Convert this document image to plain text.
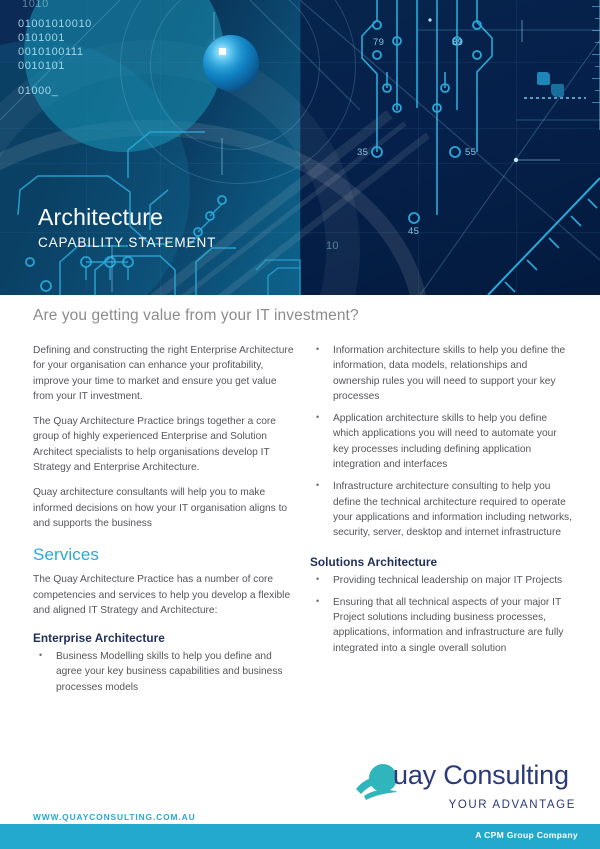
1010
01001010010
0101001
0010100111
0010101
01000_
79	89
35	55
45
10
Architecture
CAPABILITY STATEMENT
Are you getting value from your IT investment?

Defining and constructing the right Enterprise Architecture for your organisation can enhance your profitability, improve your time to market and ensure you get value from your IT investment.

The Quay Architecture Practice brings together a core group of highly experienced Enterprise and Solution Architect specialists to help organisations develop IT Strategy and Enterprise Architecture.

Quay architecture consultants will help you to make informed decisions on how your IT organisation aligns to and supports the business

Services

The Quay Architecture Practice has a number of core competencies and services to help you develop a flexible and aligned IT Strategy and Architecture:

Enterprise Architecture
• Business Modelling skills to help you define and agree your key business capabilities and business processes models
• Information architecture skills to help you define the information, data models, relationships and ownership rules you will need to support your key processes
• Application architecture skills to help you define which applications you will need to automate your key processes including defining application integration and interfaces
• Infrastructure architecture consulting to help you define the technical architecture required to operate your applications and information including networks, security, server, desktop and internet infrastructure
Solutions Architecture
• Providing technical leadership on major IT Projects
• Ensuring that all technical aspects of your major IT Project solutions including business processes, applications, information and infrastructure are fully integrated into a single overall solution
uay Consulting
YOUR ADVANTAGE
WWW.QUAYCONSULTING.COM.AU
A CPM Group Company
